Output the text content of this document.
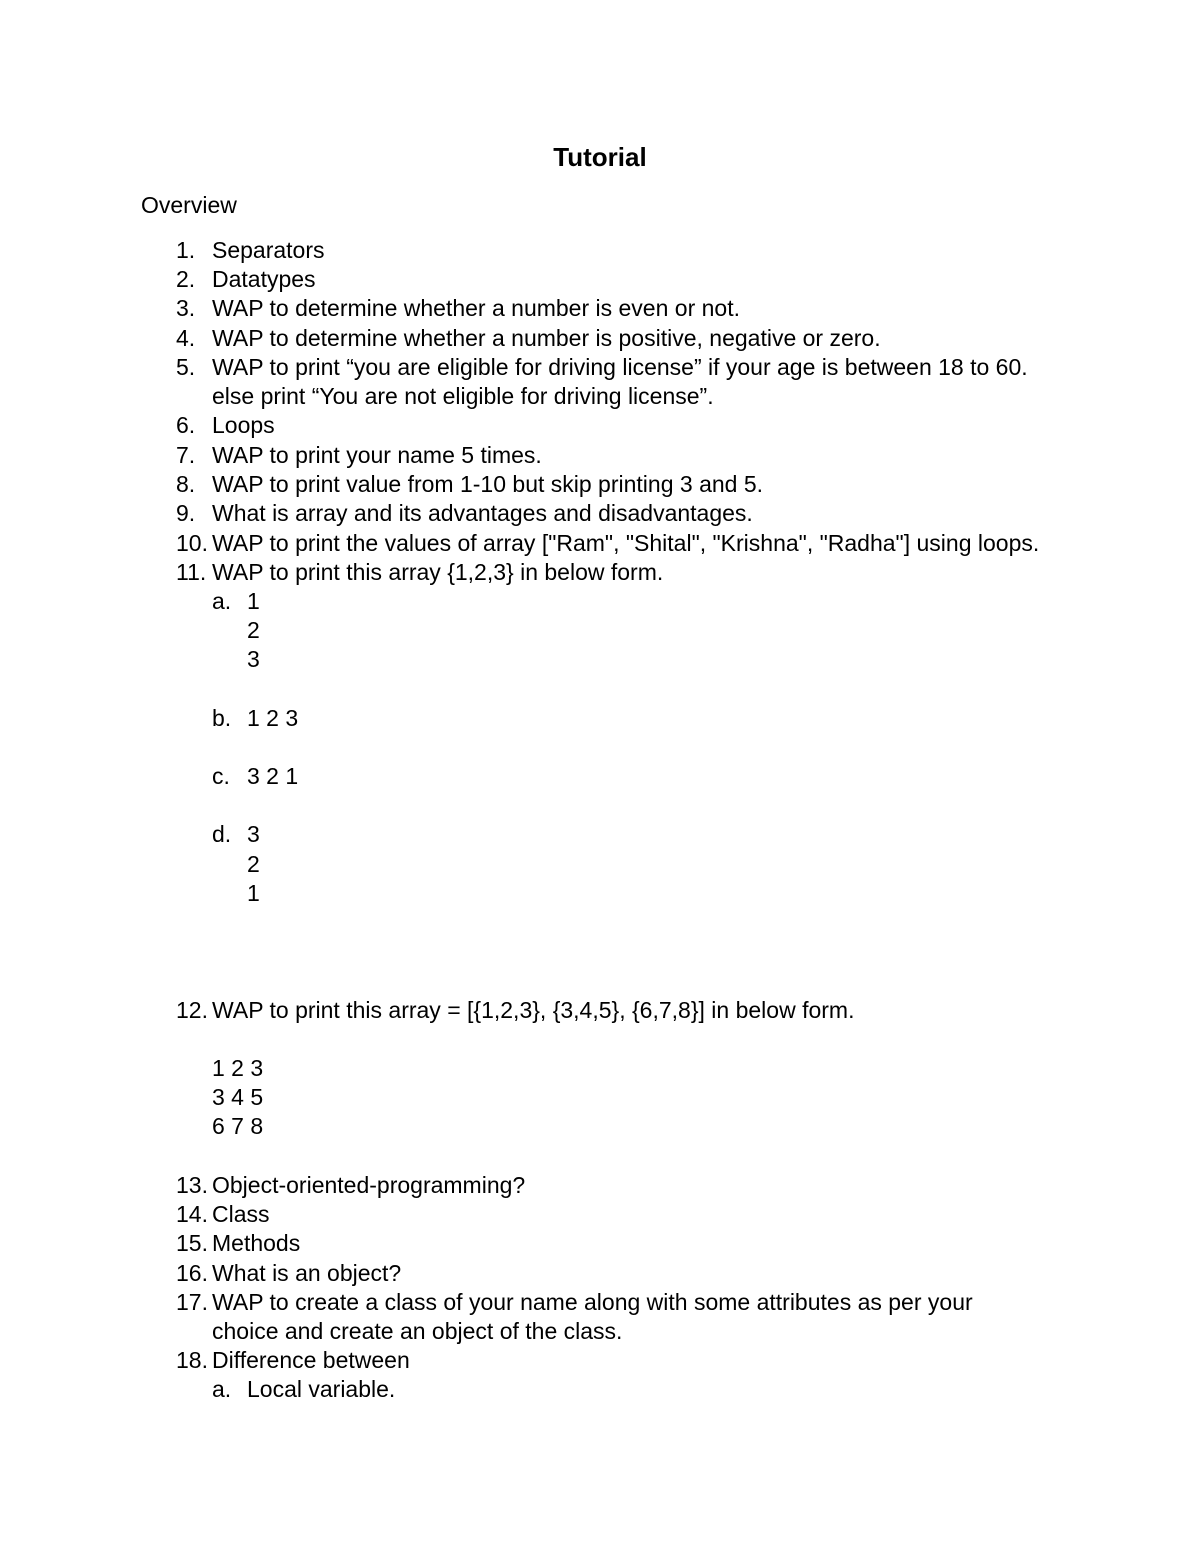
Tutorial
Overview
1. Separators
2. Datatypes
3. WAP to determine whether a number is even or not.
4. WAP to determine whether a number is positive, negative or zero.
5. WAP to print “you are eligible for driving license” if your age is between 18 to 60.
else print “You are not eligible for driving license”.
6. Loops
7. WAP to print your name 5 times.
8. WAP to print value from 1-10 but skip printing 3 and 5.
9. What is array and its advantages and disadvantages.
10. WAP to print the values of array ["Ram", "Shital", "Krishna", "Radha"] using loops.
11. WAP to print this array {1,2,3} in below form.
a. 1
2
3
b. 1 2 3
c. 3 2 1
d. 3
2
1
12. WAP to print this array = [{1,2,3}, {3,4,5}, {6,7,8}] in below form.
1 2 3
3 4 5
6 7 8
13. Object-oriented-programming?
14. Class
15. Methods
16. What is an object?
17. WAP to create a class of your name along with some attributes as per your
choice and create an object of the class.
18. Difference between
a. Local variable.
